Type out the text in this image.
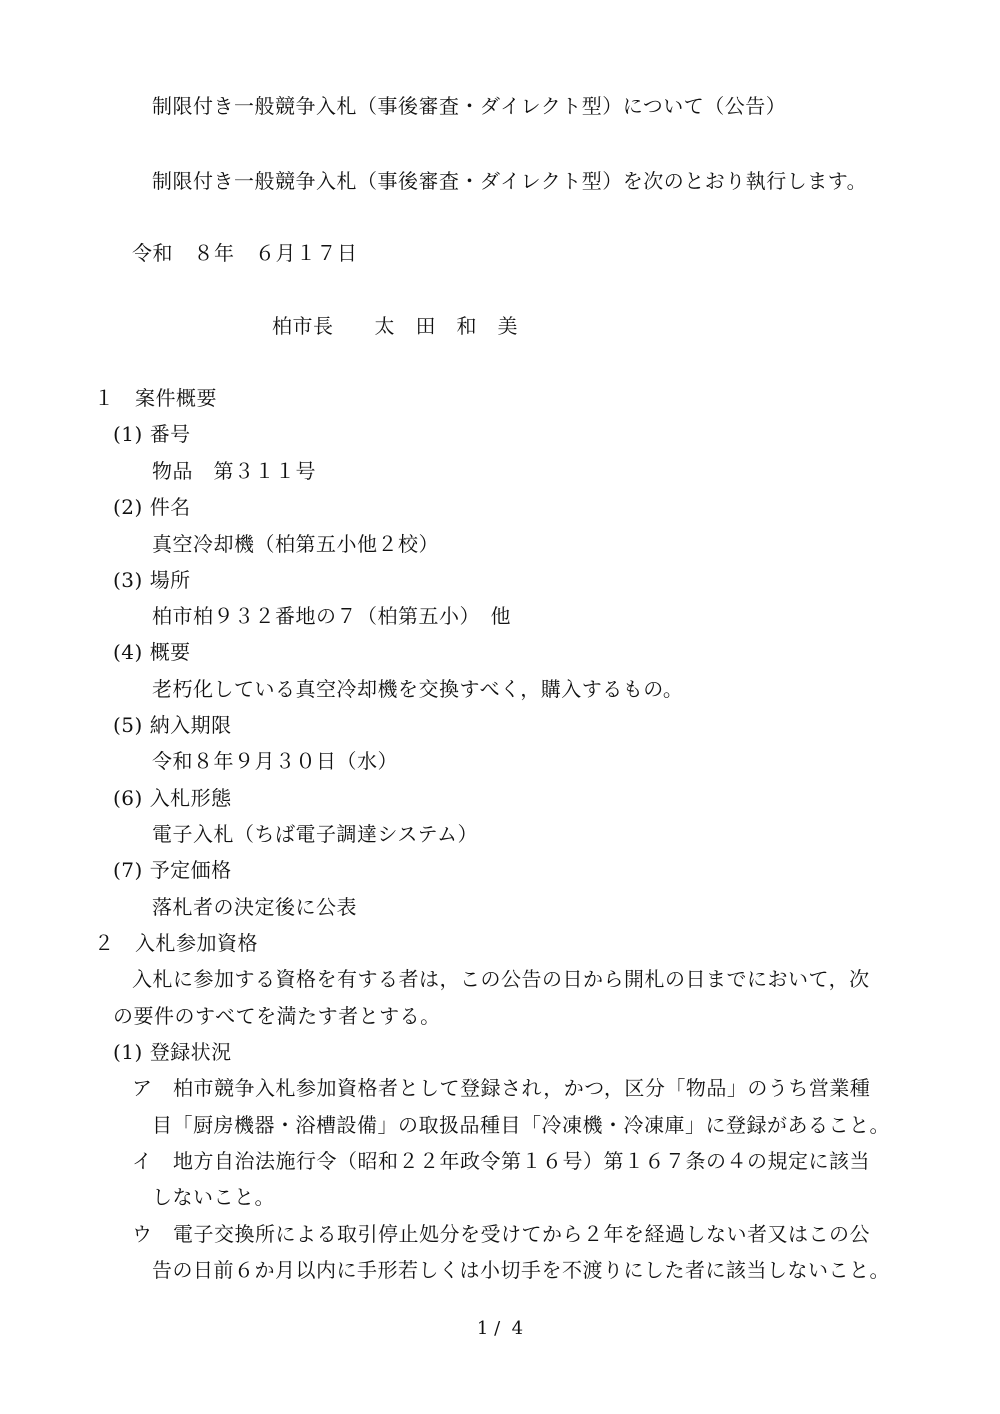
制限付き一般競争入札（事後審査・ダイレクト型）について（公告）
制限付き一般競争入札（事後審査・ダイレクト型）を次のとおり執行します。
令和　８年　６月１７日
柏市長　　太　田　和　美
１　案件概要
(1) 番号
物品　第３１１号
(2) 件名
真空冷却機（柏第五小他２校）
(3) 場所
柏市柏９３２番地の７（柏第五小）　他
(4) 概要
老朽化している真空冷却機を交換すべく，購入するもの。
(5) 納入期限
令和８年９月３０日（水）
(6) 入札形態
電子入札（ちば電子調達システム）
(7) 予定価格
落札者の決定後に公表
２　入札参加資格
入札に参加する資格を有する者は，この公告の日から開札の日までにおいて，次
の要件のすべてを満たす者とする。
(1) 登録状況
ア　柏市競争入札参加資格者として登録され，かつ，区分「物品」のうち営業種
目「厨房機器・浴槽設備」の取扱品種目「冷凍機・冷凍庫」に登録があること。
イ　地方自治法施行令（昭和２２年政令第１６号）第１６７条の４の規定に該当
しないこと。
ウ　電子交換所による取引停止処分を受けてから２年を経過しない者又はこの公
告の日前６か月以内に手形若しくは小切手を不渡りにした者に該当しないこと。
1 /  4
